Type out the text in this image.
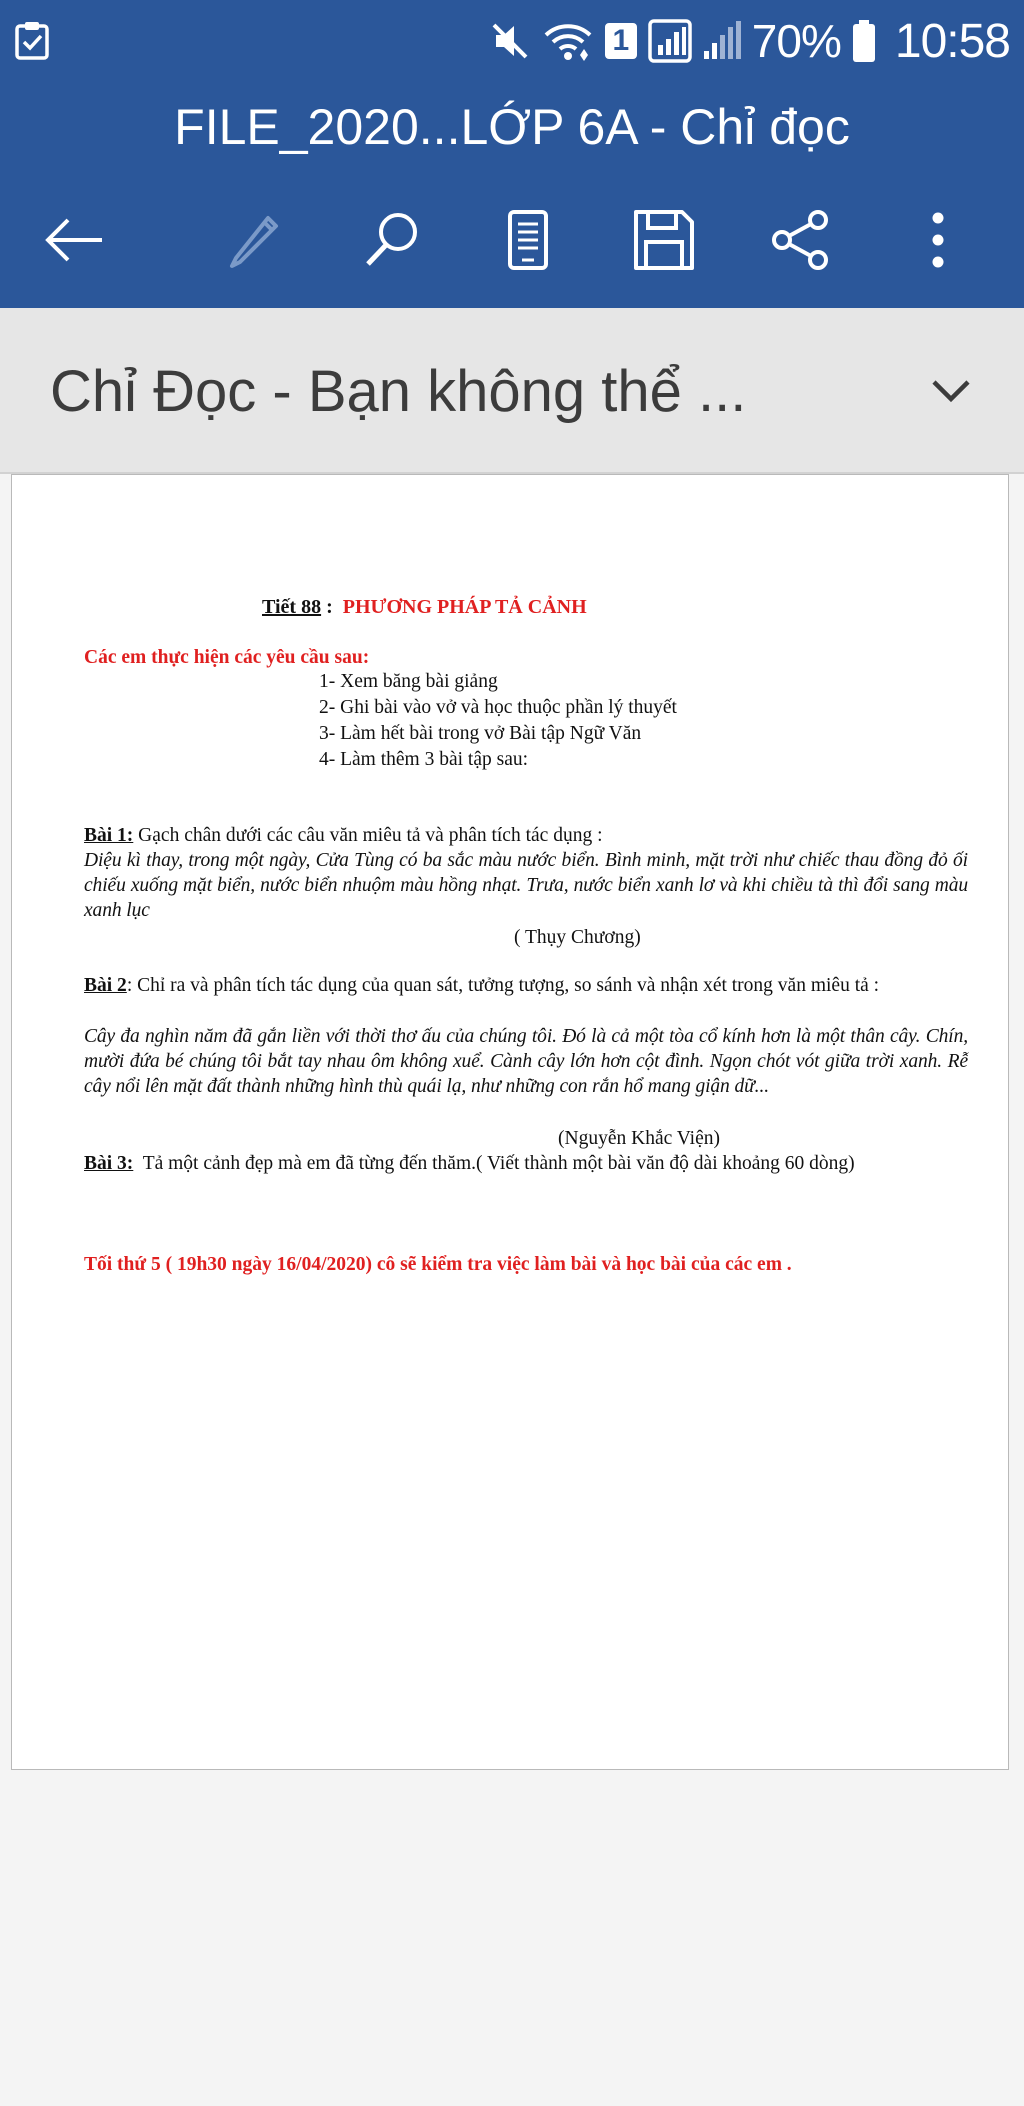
1	70% 10:58
FILE_2020...LỚP 6A - Chỉ đọc
Chỉ Đọc - Bạn không thể ...
Tiết 88 :  PHƯƠNG PHÁP TẢ CẢNH
Các em thực hiện các yêu cầu sau:
1- Xem băng bài giảng
2- Ghi bài vào vở và học thuộc phần lý thuyết
3- Làm hết bài trong vở Bài tập Ngữ Văn
4- Làm thêm 3 bài tập sau:
Bài 1: Gạch chân dưới các câu văn miêu tả và phân tích tác dụng :
Diệu kì thay, trong một ngày, Cửa Tùng có ba sắc màu nước biển. Bình minh, mặt trời như chiếc thau đồng đỏ ối chiếu xuống mặt biển, nước biển nhuộm màu hồng nhạt. Trưa, nước biển xanh lơ và khi chiều tà thì đổi sang màu xanh lục
( Thụy Chương)
Bài 2: Chỉ ra và phân tích tác dụng của quan sát, tưởng tượng, so sánh và nhận xét trong văn miêu tả :
Cây đa nghìn năm đã gắn liền với thời thơ ấu của chúng tôi. Đó là cả một tòa cổ kính hơn là một thân cây. Chín, mười đứa bé chúng tôi bắt tay nhau ôm không xuể. Cành cây lớn hơn cột đình. Ngọn chót vót giữa trời xanh. Rễ cây nổi lên mặt đất thành những hình thù quái lạ, như những con rắn hổ mang giận dữ...
(Nguyễn Khắc Viện)
Bài 3:  Tả một cảnh đẹp mà em đã từng đến thăm.( Viết thành một bài văn độ dài khoảng 60 dòng)
Tối thứ 5 ( 19h30 ngày 16/04/2020) cô sẽ kiểm tra việc làm bài và học bài của các em .
